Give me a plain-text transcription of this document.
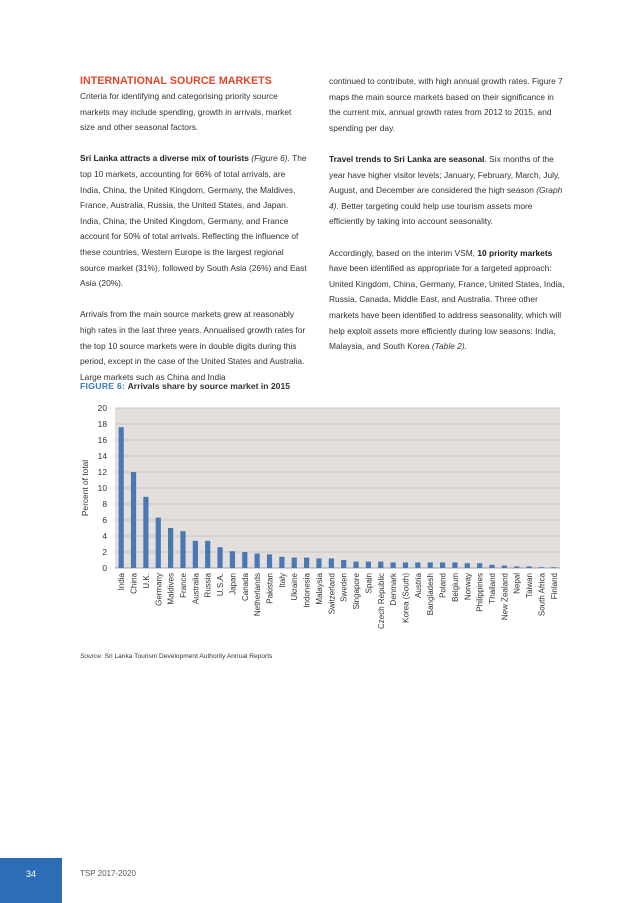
INTERNATIONAL SOURCE MARKETS

Criteria for identifying and categorising priority source markets may include spending, growth in arrivals, market size and other seasonal factors.

Sri Lanka attracts a diverse mix of tourists (Figure 6). The top 10 markets, accounting for 66% of total arrivals, are India, China, the United Kingdom, Germany, the Maldives, France, Australia, Russia, the United States, and Japan. India, China, the United Kingdom, Germany, and France account for 50% of total arrivals. Reflecting the influence of these countries, Western Europe is the largest regional source market (31%), followed by South Asia (26%) and East Asia (20%).

Arrivals from the main source markets grew at reasonably high rates in the last three years. Annualised growth rates for the top 10 source markets were in double digits during this period, except in the case of the United States and Australia. Large markets such as China and India

continued to contribute, with high annual growth rates. Figure 7 maps the main source markets based on their significance in the current mix, annual growth rates from 2012 to 2015, and spending per day.

Travel trends to Sri Lanka are seasonal. Six months of the year have higher visitor levels; January, February, March, July, August, and December are considered the high season (Graph 4). Better targeting could help use tourism assets more efficiently by taking into account seasonality.

Accordingly, based on the interim VSM, 10 priority markets have been identified as appropriate for a targeted approach: United Kingdom, China, Germany, France, United States, India, Russia, Canada, Middle East, and Australia. Three other markets have been identified to address seasonality, which will help exploit assets more efficiently during low seasons: India, Malaysia, and South Korea (Table 2).

FIGURE 6: Arrivals share by source market in 2015
0
2
4
6
8
10
12
14
16
18
20
India China U.K. Germany Maldives France Australia Russia U.S.A. Japan Canada Netherlands Pakistan Italy Ukraine Indonesia Malaysia Switzerland Sweden Singapore Spain Czech Republic Denmark Korea (South) Austria Bangladesh Poland Belgium Norway Philippines Thailand New Zealand Nepal Taiwan South Africa Finland
Percent of total
Source: Sri Lanka Tourism Development Authority Annual Reports
34	TSP 2017-2020
